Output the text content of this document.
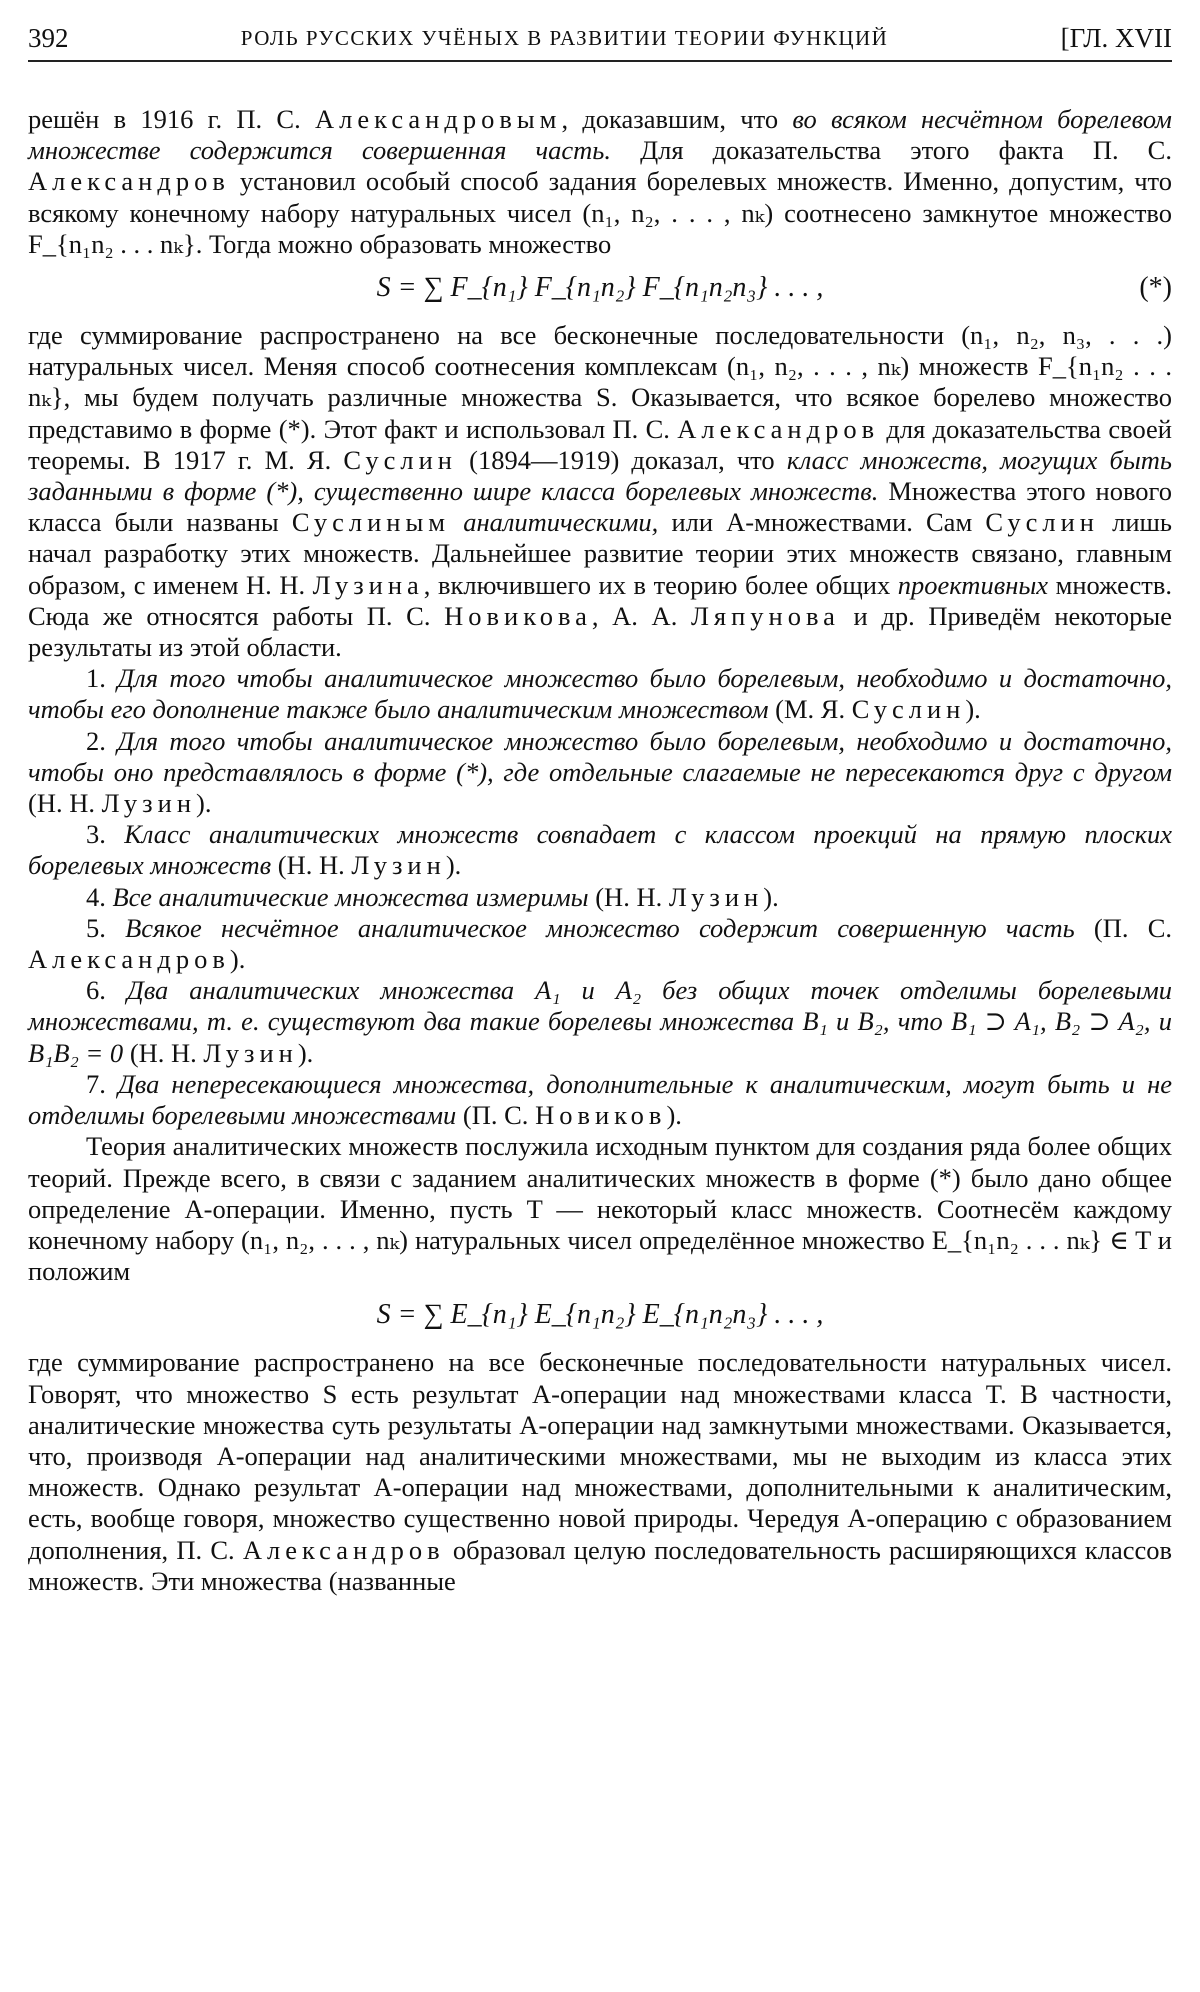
392	РОЛЬ РУССКИХ УЧЁНЫХ В РАЗВИТИИ ТЕОРИИ ФУНКЦИЙ	[ГЛ. XVII

решён в 1916 г. П. С. Александровым, доказавшим, что во всяком несчётном борелевом множестве содержится совершенная часть. Для доказательства этого факта П. С. Александров установил особый способ задания борелевых множеств. Именно, допустим, что всякому конечному набору натуральных чисел (n₁, n₂, . . . , nₖ) соотнесено замкнутое множество F_{n₁n₂ . . . nₖ}. Тогда можно образовать множество

S = ∑ F_{n₁} F_{n₁n₂} F_{n₁n₂n₃} . . . ,	(*)

где суммирование распространено на все бесконечные последовательности (n₁, n₂, n₃, . . .) натуральных чисел. Меняя способ соотнесения комплексам (n₁, n₂, . . . , nₖ) множеств F_{n₁n₂ . . . nₖ}, мы будем получать различные множества S. Оказывается, что всякое борелево множество представимо в форме (*). Этот факт и использовал П. С. Александров для доказательства своей теоремы. В 1917 г. М. Я. Суслин (1894—1919) доказал, что класс множеств, могущих быть заданными в форме (*), существенно шире класса борелевых множеств. Множества этого нового класса были названы Суслиным аналитическими, или A-множествами. Сам Суслин лишь начал разработку этих множеств. Дальнейшее развитие теории этих множеств связано, главным образом, с именем Н. Н. Лузина, включившего их в теорию более общих проективных множеств. Сюда же относятся работы П. С. Новикова, А. А. Ляпунова и др. Приведём некоторые результаты из этой области.

1. Для того чтобы аналитическое множество было борелевым, необходимо и достаточно, чтобы его дополнение также было аналитическим множеством (М. Я. Суслин).

2. Для того чтобы аналитическое множество было борелевым, необходимо и достаточно, чтобы оно представлялось в форме (*), где отдельные слагаемые не пересекаются друг с другом (Н. Н. Лузин).

3. Класс аналитических множеств совпадает с классом проекций на прямую плоских борелевых множеств (Н. Н. Лузин).

4. Все аналитические множества измеримы (Н. Н. Лузин).

5. Всякое несчётное аналитическое множество содержит совершенную часть (П. С. Александров).

6. Два аналитических множества A₁ и A₂ без общих точек отделимы борелевыми множествами, т. е. существуют два такие борелевы множества B₁ и B₂, что B₁ ⊃ A₁, B₂ ⊃ A₂, и B₁B₂ = 0 (Н. Н. Лузин).

7. Два непересекающиеся множества, дополнительные к аналитическим, могут быть и не отделимы борелевыми множествами (П. С. Новиков).

Теория аналитических множеств послужила исходным пунктом для создания ряда более общих теорий. Прежде всего, в связи с заданием аналитических множеств в форме (*) было дано общее определение A-операции. Именно, пусть T — некоторый класс множеств. Соотнесём каждому конечному набору (n₁, n₂, . . . , nₖ) натуральных чисел определённое множество E_{n₁n₂ . . . nₖ} ∈ T и положим

S = ∑ E_{n₁} E_{n₁n₂} E_{n₁n₂n₃} . . . ,

где суммирование распространено на все бесконечные последовательности натуральных чисел. Говорят, что множество S есть результат A-операции над множествами класса T. В частности, аналитические множества суть результаты A-операции над замкнутыми множествами. Оказывается, что, производя A-операции над аналитическими множествами, мы не выходим из класса этих множеств. Однако результат A-операции над множествами, дополнительными к аналитическим, есть, вообще говоря, множество существенно новой природы. Чередуя A-операцию с образованием дополнения, П. С. Александров образовал целую последовательность расширяющихся классов множеств. Эти множества (названные
